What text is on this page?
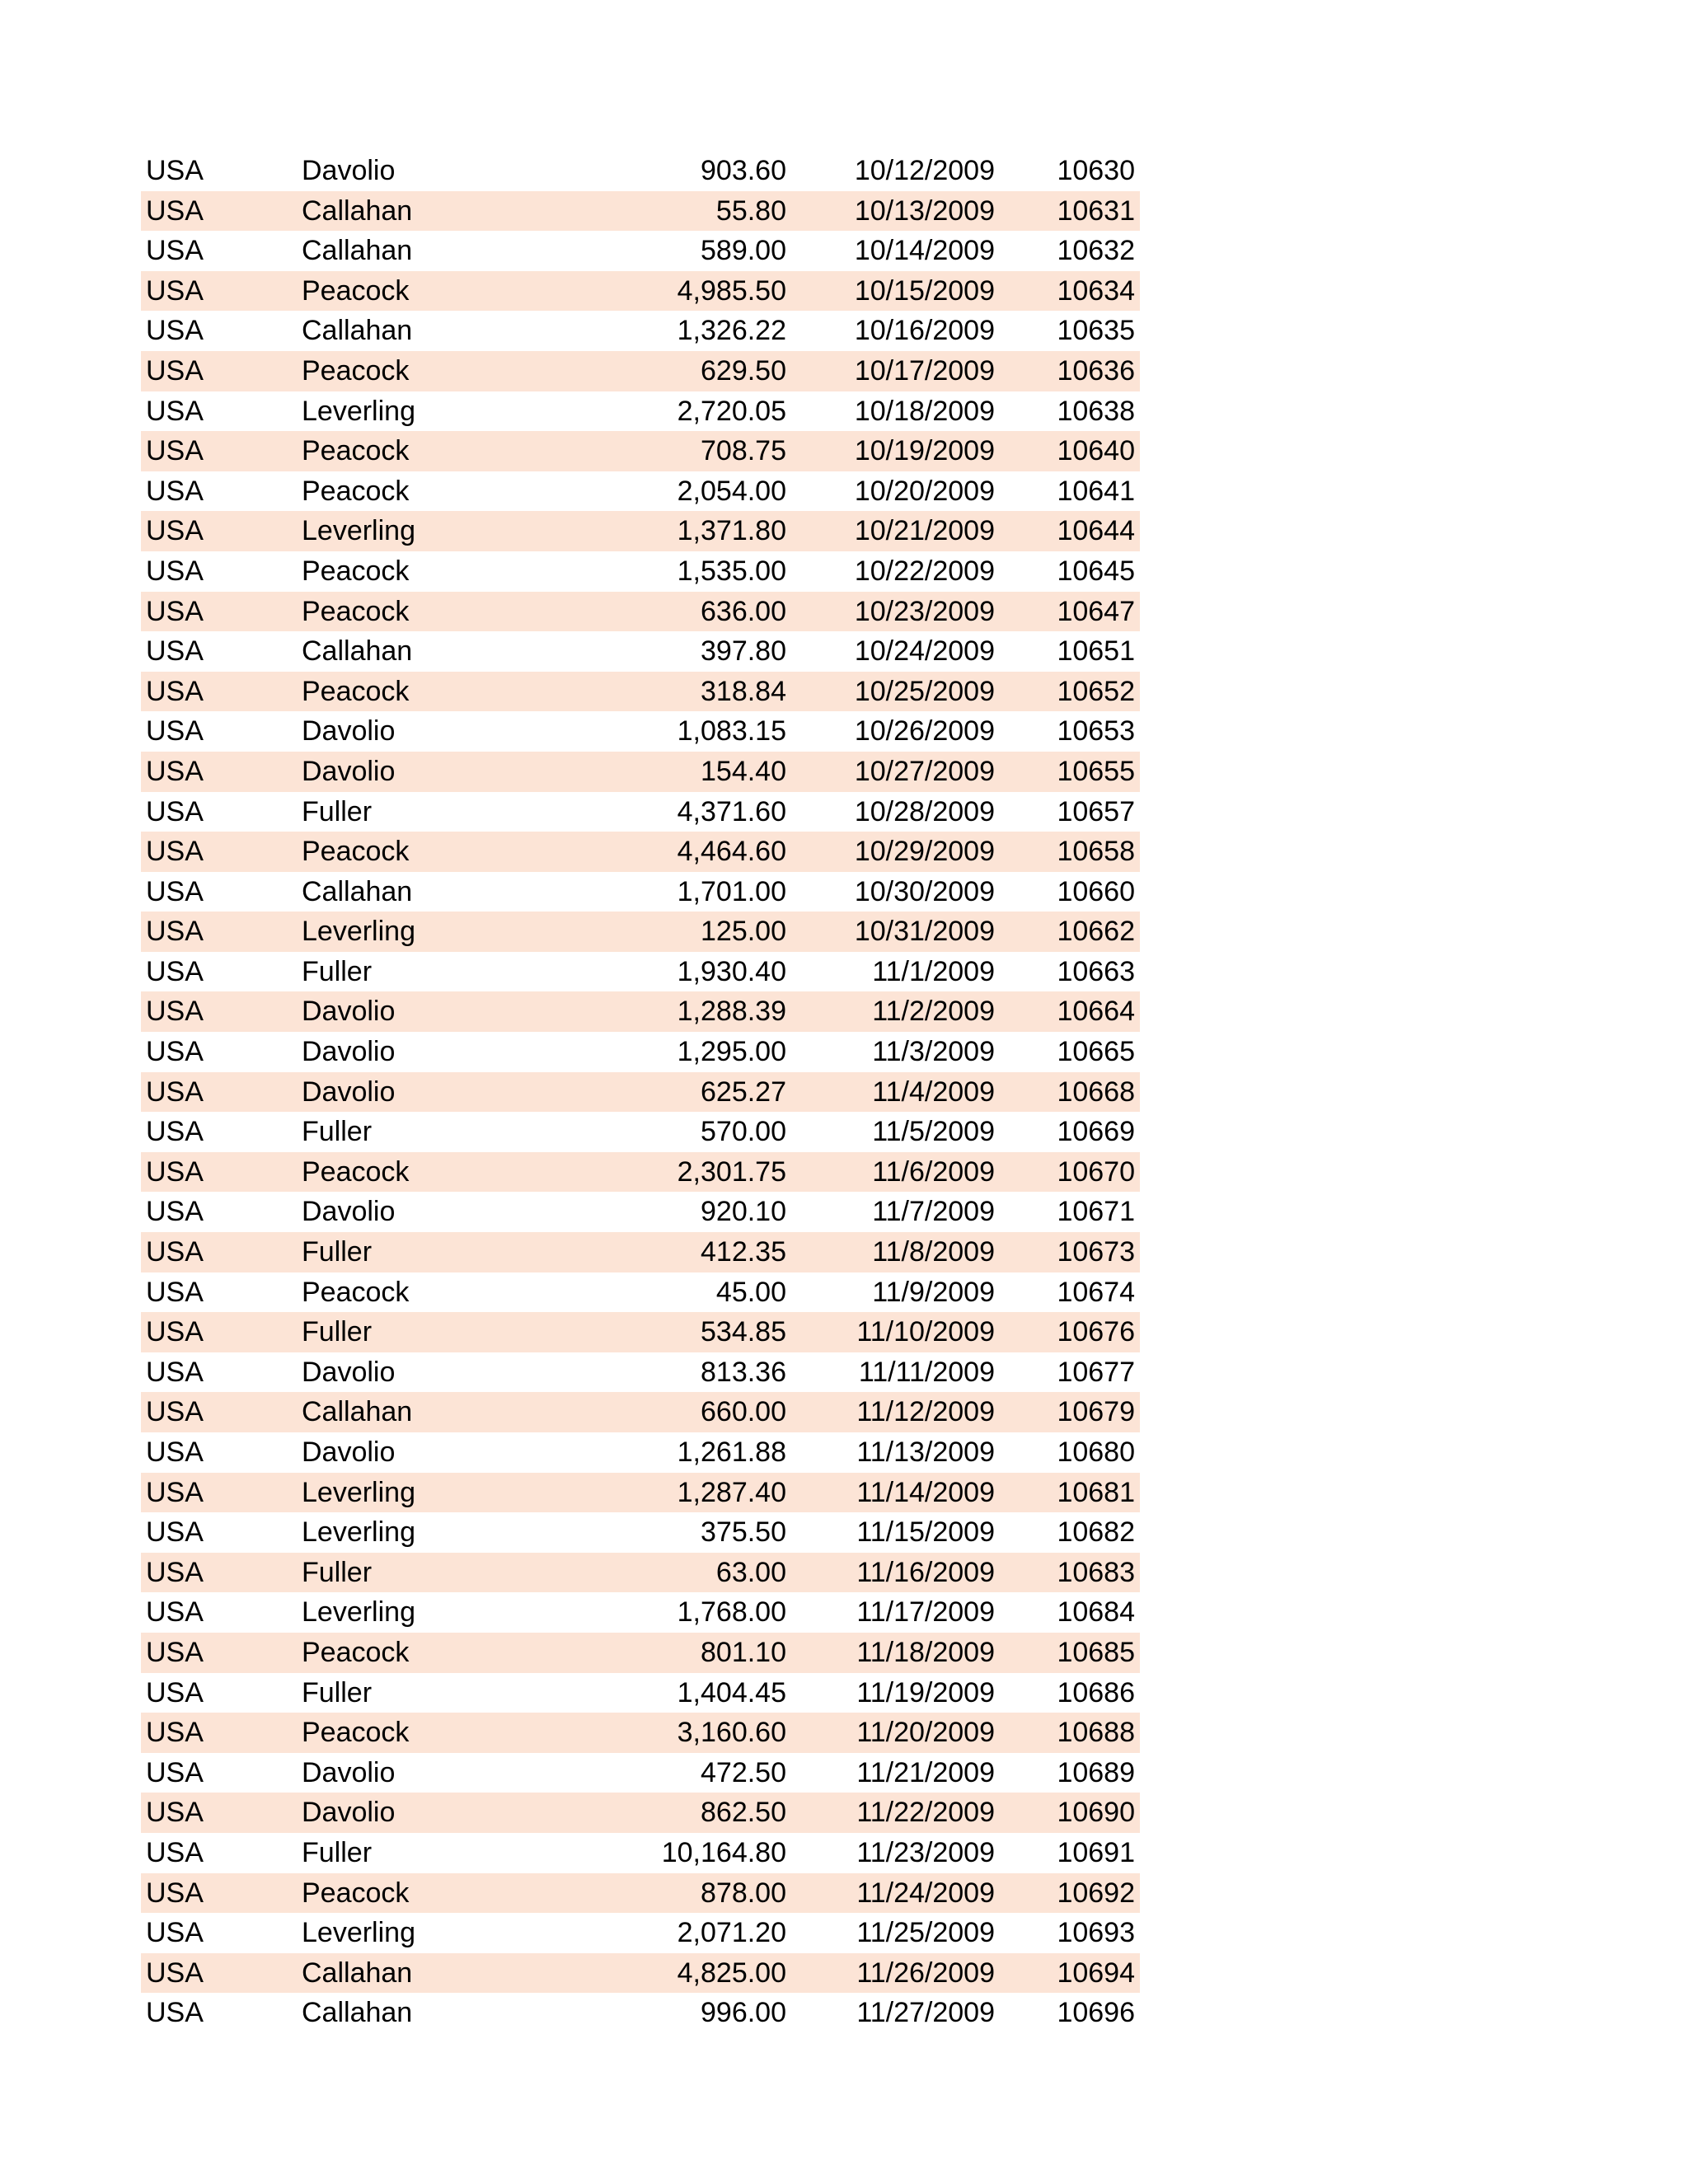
USA	Davolio	903.60	10/12/2009	10630
USA	Callahan	55.80	10/13/2009	10631
USA	Callahan	589.00	10/14/2009	10632
USA	Peacock	4,985.50	10/15/2009	10634
USA	Callahan	1,326.22	10/16/2009	10635
USA	Peacock	629.50	10/17/2009	10636
USA	Leverling	2,720.05	10/18/2009	10638
USA	Peacock	708.75	10/19/2009	10640
USA	Peacock	2,054.00	10/20/2009	10641
USA	Leverling	1,371.80	10/21/2009	10644
USA	Peacock	1,535.00	10/22/2009	10645
USA	Peacock	636.00	10/23/2009	10647
USA	Callahan	397.80	10/24/2009	10651
USA	Peacock	318.84	10/25/2009	10652
USA	Davolio	1,083.15	10/26/2009	10653
USA	Davolio	154.40	10/27/2009	10655
USA	Fuller	4,371.60	10/28/2009	10657
USA	Peacock	4,464.60	10/29/2009	10658
USA	Callahan	1,701.00	10/30/2009	10660
USA	Leverling	125.00	10/31/2009	10662
USA	Fuller	1,930.40	11/1/2009	10663
USA	Davolio	1,288.39	11/2/2009	10664
USA	Davolio	1,295.00	11/3/2009	10665
USA	Davolio	625.27	11/4/2009	10668
USA	Fuller	570.00	11/5/2009	10669
USA	Peacock	2,301.75	11/6/2009	10670
USA	Davolio	920.10	11/7/2009	10671
USA	Fuller	412.35	11/8/2009	10673
USA	Peacock	45.00	11/9/2009	10674
USA	Fuller	534.85	11/10/2009	10676
USA	Davolio	813.36	11/11/2009	10677
USA	Callahan	660.00	11/12/2009	10679
USA	Davolio	1,261.88	11/13/2009	10680
USA	Leverling	1,287.40	11/14/2009	10681
USA	Leverling	375.50	11/15/2009	10682
USA	Fuller	63.00	11/16/2009	10683
USA	Leverling	1,768.00	11/17/2009	10684
USA	Peacock	801.10	11/18/2009	10685
USA	Fuller	1,404.45	11/19/2009	10686
USA	Peacock	3,160.60	11/20/2009	10688
USA	Davolio	472.50	11/21/2009	10689
USA	Davolio	862.50	11/22/2009	10690
USA	Fuller	10,164.80	11/23/2009	10691
USA	Peacock	878.00	11/24/2009	10692
USA	Leverling	2,071.20	11/25/2009	10693
USA	Callahan	4,825.00	11/26/2009	10694
USA	Callahan	996.00	11/27/2009	10696
